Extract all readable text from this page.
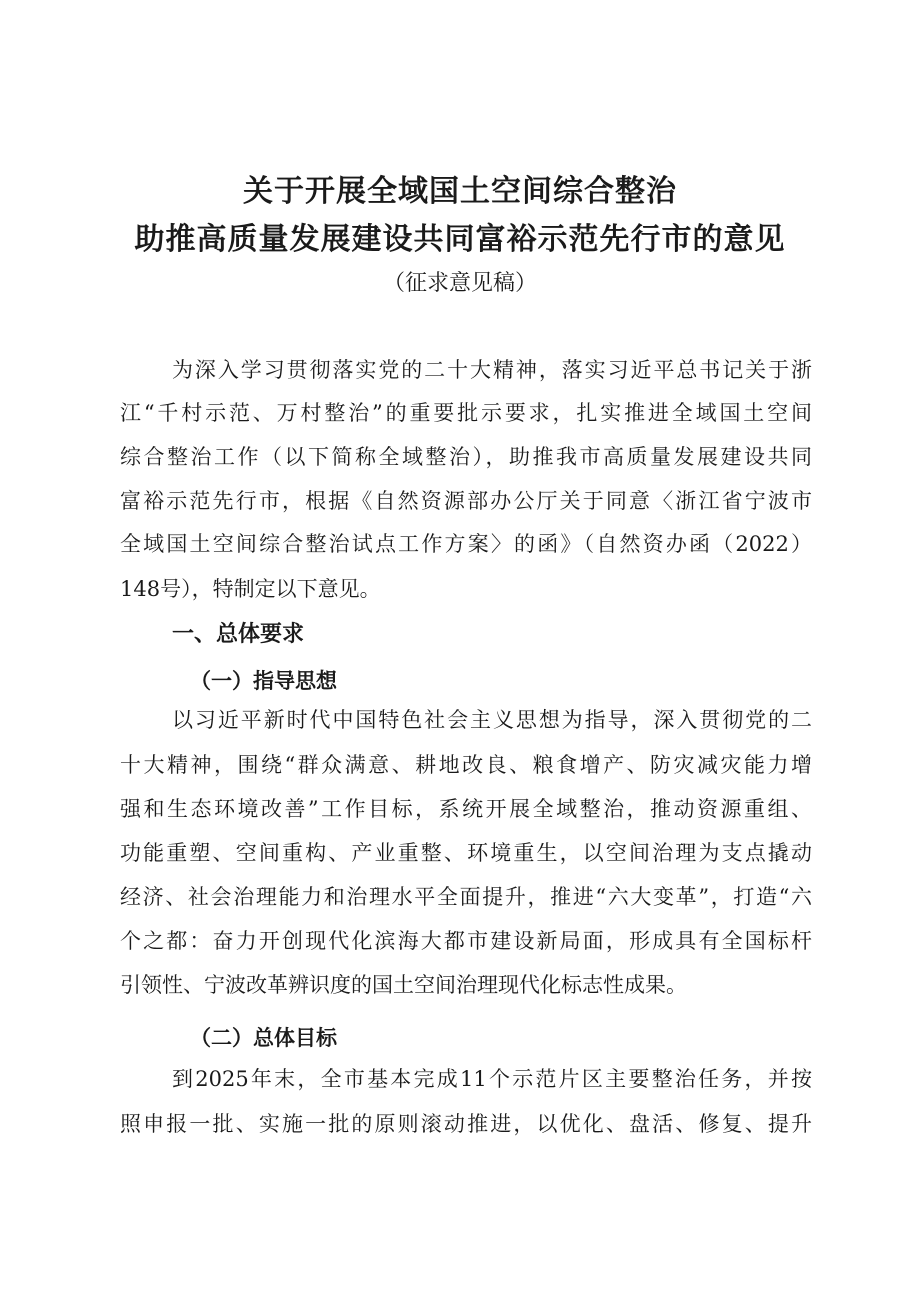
关于开展全域国土空间综合整治
助推高质量发展建设共同富裕示范先行市的意见

（征求意见稿）

为深入学习贯彻落实党的二十大精神，落实习近平总书记关于浙

江“千村示范、万村整治”的重要批示要求，扎实推进全域国土空间

综合整治工作（以下简称全域整治），助推我市高质量发展建设共同

富裕示范先行市，根据《自然资源部办公厅关于同意〈浙江省宁波市

全域国土空间综合整治试点工作方案〉的函》（自然资办函（2022）

148号），特制定以下意见。

一、总体要求
（一）指导思想

以习近平新时代中国特色社会主义思想为指导，深入贯彻党的二

十大精神，围绕“群众满意、耕地改良、粮食增产、防灾减灾能力增

强和生态环境改善”工作目标，系统开展全域整治，推动资源重组、

功能重塑、空间重构、产业重整、环境重生，以空间治理为支点撬动

经济、社会治理能力和治理水平全面提升，推进“六大变革”，打造“六

个之都：奋力开创现代化滨海大都市建设新局面，形成具有全国标杆

引领性、宁波改革辨识度的国土空间治理现代化标志性成果。

（二）总体目标

到2025年末，全市基本完成11个示范片区主要整治任务，并按

照申报一批、实施一批的原则滚动推进，以优化、盘活、修复、提升
